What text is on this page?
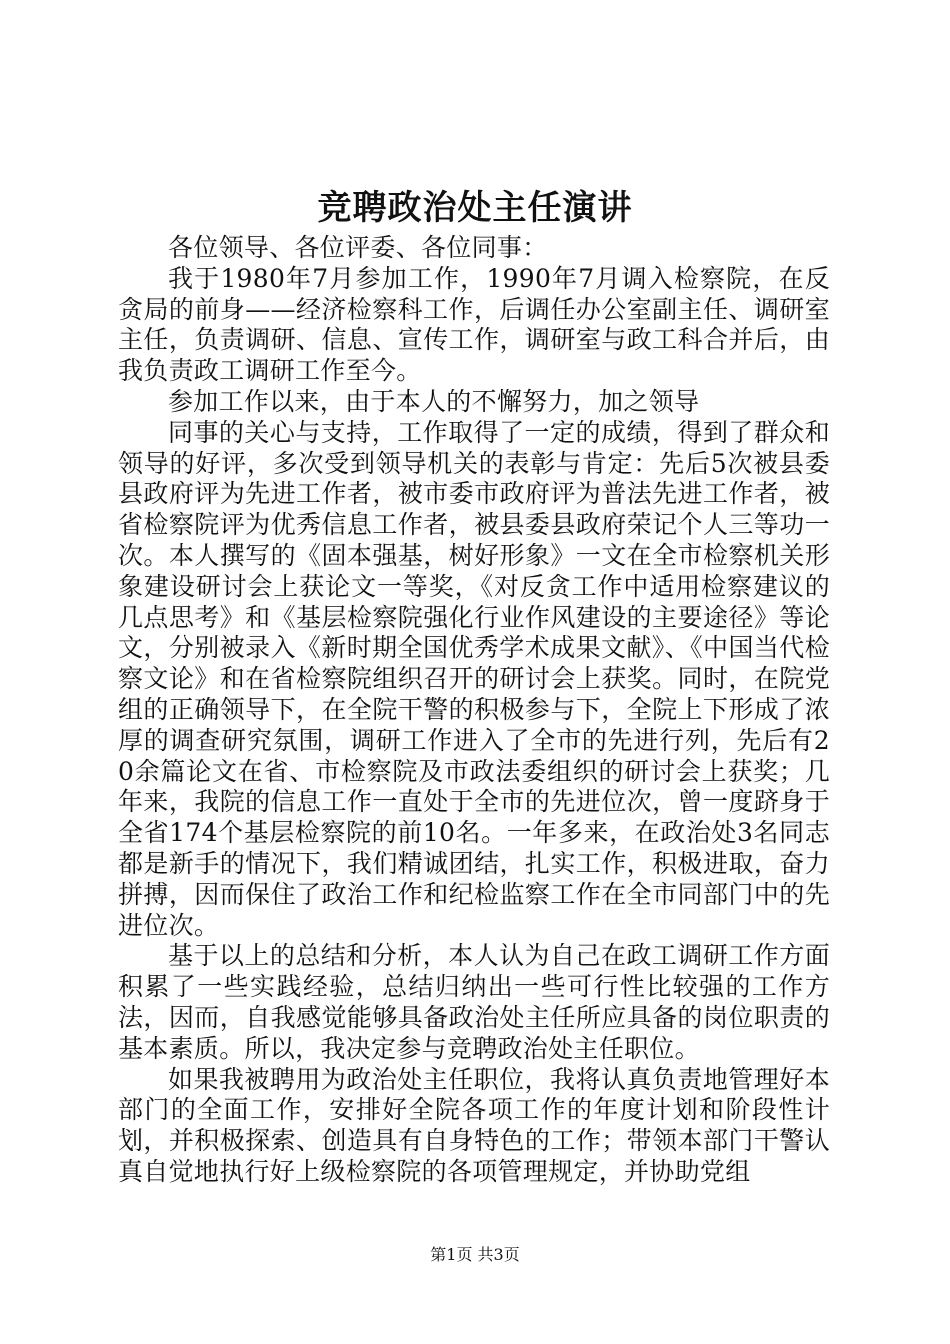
竞聘政治处主任演讲

各位领导、各位评委、各位同事：

我于1980年7月参加工作，1990年7月调入检察院，在反贪局的前身——经济检察科工作，后调任办公室副主任、调研室主任，负责调研、信息、宣传工作，调研室与政工科合并后，由我负责政工调研工作至今。

参加工作以来，由于本人的不懈努力，加之领导

同事的关心与支持，工作取得了一定的成绩，得到了群众和领导的好评，多次受到领导机关的表彰与肯定：先后5次被县委县政府评为先进工作者，被市委市政府评为普法先进工作者，被省检察院评为优秀信息工作者，被县委县政府荣记个人三等功一次。本人撰写的《固本强基，树好形象》一文在全市检察机关形象建设研讨会上获论文一等奖，《对反贪工作中适用检察建议的几点思考》和《基层检察院强化行业作风建设的主要途径》等论文，分别被录入《新时期全国优秀学术成果文献》、《中国当代检察文论》和在省检察院组织召开的研讨会上获奖。同时，在院党组的正确领导下，在全院干警的积极参与下，全院上下形成了浓厚的调查研究氛围，调研工作进入了全市的先进行列，先后有20余篇论文在省、市检察院及市政法委组织的研讨会上获奖；几年来，我院的信息工作一直处于全市的先进位次，曾一度跻身于全省174个基层检察院的前10名。一年多来，在政治处3名同志都是新手的情况下，我们精诚团结，扎实工作，积极进取，奋力拼搏，因而保住了政治工作和纪检监察工作在全市同部门中的先进位次。

基于以上的总结和分析，本人认为自己在政工调研工作方面积累了一些实践经验，总结归纳出一些可行性比较强的工作方法，因而，自我感觉能够具备政治处主任所应具备的岗位职责的基本素质。所以，我决定参与竞聘政治处主任职位。

如果我被聘用为政治处主任职位，我将认真负责地管理好本部门的全面工作，安排好全院各项工作的年度计划和阶段性计划，并积极探索、创造具有自身特色的工作；带领本部门干警认真自觉地执行好上级检察院的各项管理规定，并协助党组

第1页 共3页
